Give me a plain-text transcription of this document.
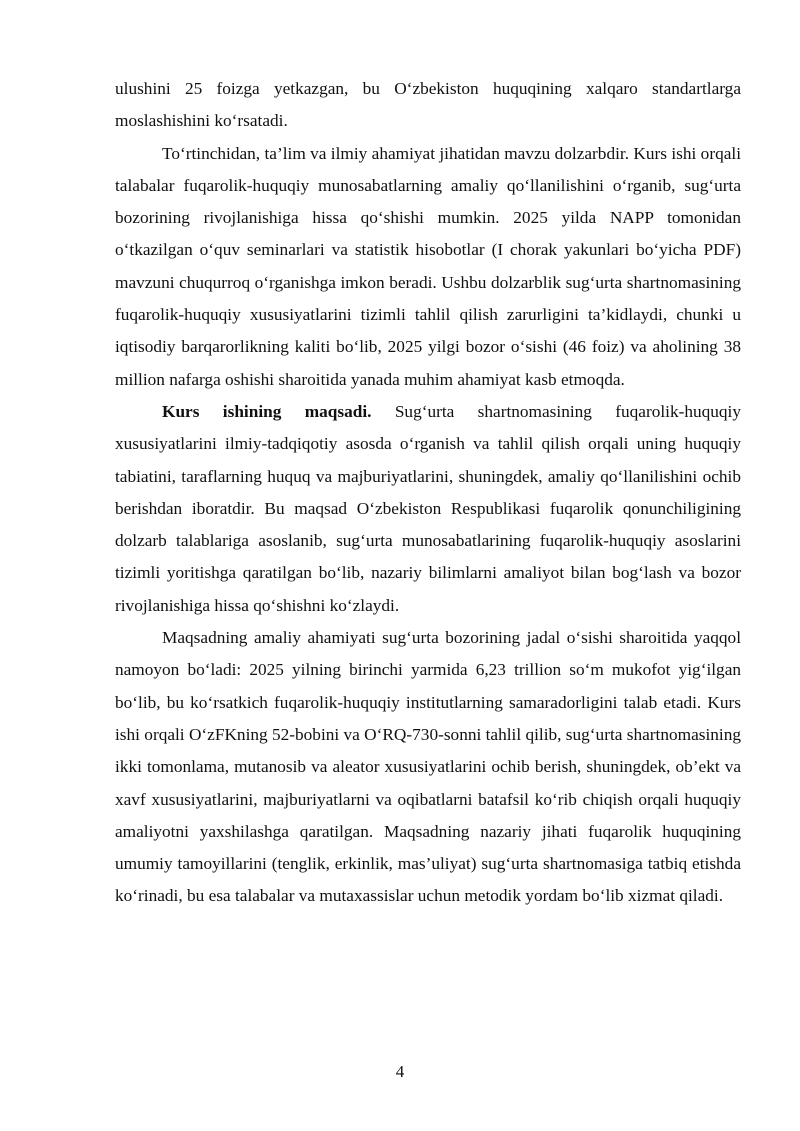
ulushini 25 foizga yetkazgan, bu O‘zbekiston huquqining xalqaro standartlarga moslashishini ko‘rsatadi.

To‘rtinchidan, ta’lim va ilmiy ahamiyat jihatidan mavzu dolzarbdir. Kurs ishi orqali talabalar fuqarolik-huquqiy munosabatlarning amaliy qo‘llanilishini o‘rganib, sug‘urta bozorining rivojlanishiga hissa qo‘shishi mumkin. 2025 yilda NAPP tomonidan o‘tkazilgan o‘quv seminarlari va statistik hisobotlar (I chorak yakunlari bo‘yicha PDF) mavzuni chuqurroq o‘rganishga imkon beradi. Ushbu dolzarblik sug‘urta shartnomasining fuqarolik-huquqiy xususiyatlarini tizimli tahlil qilish zarurligini ta’kidlaydi, chunki u iqtisodiy barqarorlikning kaliti bo‘lib, 2025 yilgi bozor o‘sishi (46 foiz) va aholining 38 million nafarga oshishi sharoitida yanada muhim ahamiyat kasb etmoqda.

Kurs ishining maqsadi. Sug‘urta shartnomasining fuqarolik-huquqiy xususiyatlarini ilmiy-tadqiqotiy asosda o‘rganish va tahlil qilish orqali uning huquqiy tabiatini, taraflarning huquq va majburiyatlarini, shuningdek, amaliy qo‘llanilishini ochib berishdan iboratdir. Bu maqsad O‘zbekiston Respublikasi fuqarolik qonunchiligining dolzarb talablariga asoslanib, sug‘urta munosabatlarining fuqarolik-huquqiy asoslarini tizimli yoritishga qaratilgan bo‘lib, nazariy bilimlarni amaliyot bilan bog‘lash va bozor rivojlanishiga hissa qo‘shishni ko‘zlaydi.

Maqsadning amaliy ahamiyati sug‘urta bozorining jadal o‘sishi sharoitida yaqqol namoyon bo‘ladi: 2025 yilning birinchi yarmida 6,23 trillion so‘m mukofot yig‘ilgan bo‘lib, bu ko‘rsatkich fuqarolik-huquqiy institutlarning samaradorligini talab etadi. Kurs ishi orqali O‘zFKning 52-bobini va O‘RQ-730-sonni tahlil qilib, sug‘urta shartnomasining ikki tomonlama, mutanosib va aleator xususiyatlarini ochib berish, shuningdek, ob’ekt va xavf xususiyatlarini, majburiyatlarni va oqibatlarni batafsil ko‘rib chiqish orqali huquqiy amaliyotni yaxshilashga qaratilgan. Maqsadning nazariy jihati fuqarolik huquqining umumiy tamoyillarini (tenglik, erkinlik, mas’uliyat) sug‘urta shartnomasiga tatbiq etishda ko‘rinadi, bu esa talabalar va mutaxassislar uchun metodik yordam bo‘lib xizmat qiladi.

4
